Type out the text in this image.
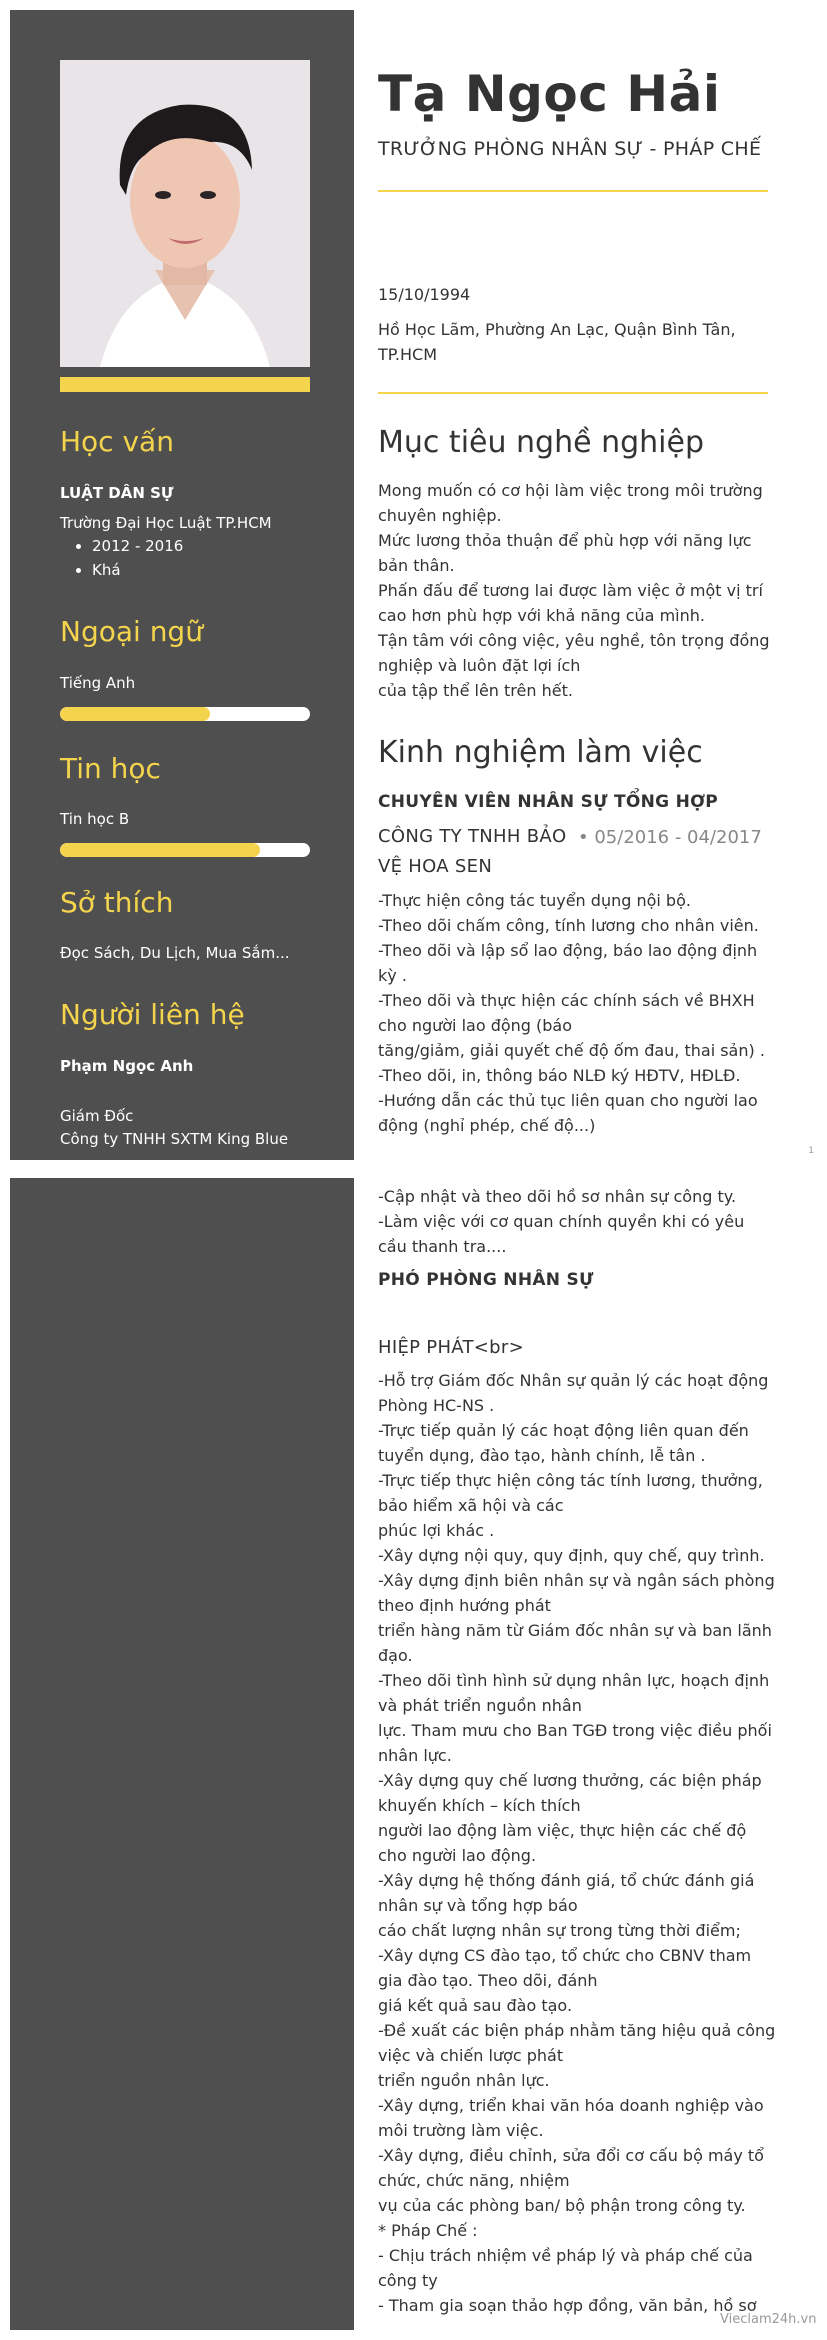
Học vấn
LUẬT DÂN SỰ
Trường Đại Học Luật TP.HCM
• 2012 - 2016
• Khá
Ngoại ngữ
Tiếng Anh
Tin học
Tin học B
Sở thích
Đọc Sách, Du Lịch, Mua Sắm...
Người liên hệ
Phạm Ngọc Anh
Giám Đốc
Công ty TNHH SXTM King Blue
Tạ Ngọc Hải
TRƯỞNG PHÒNG NHÂN SỰ - PHÁP CHẾ
15/10/1994
Hồ Học Lãm, Phường An Lạc, Quận Bình Tân, TP.HCM
Mục tiêu nghề nghiệp
Mong muốn có cơ hội làm việc trong môi trường chuyên nghiệp.
Mức lương thỏa thuận để phù hợp với năng lực bản thân.
Phấn đấu để tương lai được làm việc ở một vị trí cao hơn phù hợp với khả năng của mình.
Tận tâm với công việc, yêu nghề, tôn trọng đồng nghiệp và luôn đặt lợi ích
của tập thể lên trên hết.
Kinh nghiệm làm việc
CHUYÊN VIÊN NHÂN SỰ TỔNG HỢP
CÔNG TY TNHH BẢO VỆ HOA SEN
• 05/2016 - 04/2017
-Thực hiện công tác tuyển dụng nội bộ.
-Theo dõi chấm công, tính lương cho nhân viên.
-Theo dõi và lập sổ lao động, báo lao động định kỳ .
-Theo dõi và thực hiện các chính sách về BHXH cho người lao động (báo
tăng/giảm, giải quyết chế độ ốm đau, thai sản) .
-Theo dõi, in, thông báo NLĐ ký HĐTV, HĐLĐ.
-Hướng dẫn các thủ tục liên quan cho người lao động (nghỉ phép, chế độ...)
1
-Cập nhật và theo dõi hồ sơ nhân sự công ty.
-Làm việc với cơ quan chính quyền khi có yêu cầu thanh tra....
PHÓ PHÒNG NHÂN SỰ
HIỆP PHÁT<br>
-Hỗ trợ Giám đốc Nhân sự quản lý các hoạt động Phòng HC-NS .
-Trực tiếp quản lý các hoạt động liên quan đến tuyển dụng, đào tạo, hành chính, lễ tân .
-Trực tiếp thực hiện công tác tính lương, thưởng, bảo hiểm xã hội và các
phúc lợi khác .
-Xây dựng nội quy, quy định, quy chế, quy trình.
-Xây dựng định biên nhân sự và ngân sách phòng theo định hướng phát
triển hàng năm từ Giám đốc nhân sự và ban lãnh đạo.
-Theo dõi tình hình sử dụng nhân lực, hoạch định và phát triển nguồn nhân
lực. Tham mưu cho Ban TGĐ trong việc điều phối nhân lực.
-Xây dựng quy chế lương thưởng, các biện pháp khuyến khích – kích thích
người lao động làm việc, thực hiện các chế độ cho người lao động.
-Xây dựng hệ thống đánh giá, tổ chức đánh giá nhân sự và tổng hợp báo
cáo chất lượng nhân sự trong từng thời điểm;
-Xây dựng CS đào tạo, tổ chức cho CBNV tham gia đào tạo. Theo dõi, đánh
giá kết quả sau đào tạo.
-Đề xuất các biện pháp nhằm tăng hiệu quả công việc và chiến lược phát
triển nguồn nhân lực.
-Xây dựng, triển khai văn hóa doanh nghiệp vào môi trường làm việc.
-Xây dựng, điều chỉnh, sửa đổi cơ cấu bộ máy tổ chức, chức năng, nhiệm
vụ của các phòng ban/ bộ phận trong công ty.
* Pháp Chế :
- Chịu trách nhiệm về pháp lý và pháp chế của công ty
- Tham gia soạn thảo hợp đồng, văn bản, hồ sơ
Vieclam24h.vn
